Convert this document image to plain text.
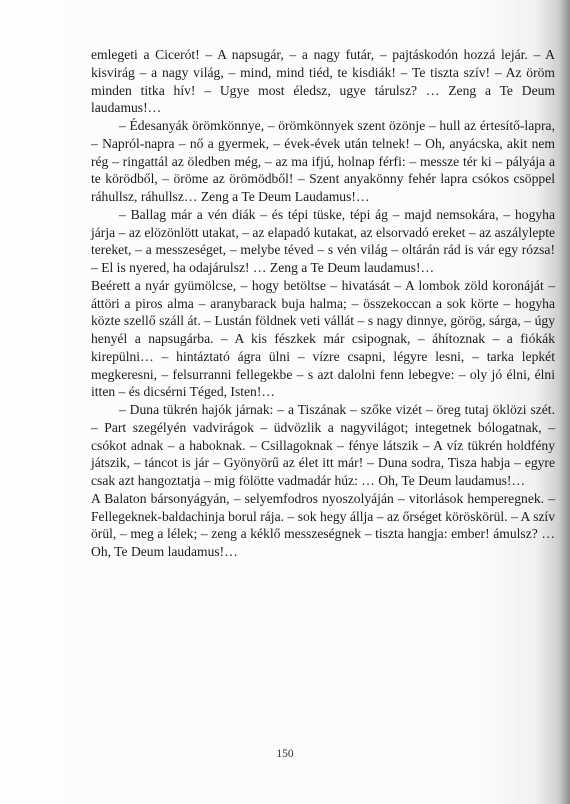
emlegeti a Cicerót! – A napsugár, – a nagy futár, – pajtáskodón hozzá lejár. – A kisvirág – a nagy világ, – mind, mind tiéd, te kisdiák! – Te tiszta szív! – Az öröm minden titka hív! – Ugye most éledsz, ugye tárulsz? … Zeng a Te Deum laudamus!…

– Édesanyák örömkönnye, – örömkönnyek szent özönje – hull az értesítő-lapra, – Napról-napra – nő a gyermek, – évek-évek után telnek! – Oh, anyácska, akit nem rég – ringattál az öledben még, – az ma ifjú, holnap férfi: – messze tér ki – pályája a te körödből, – öröme az örömödből! – Szent anyakönny fehér lapra csókos csöppel ráhullsz, ráhullsz… Zeng a Te Deum Laudamus!…

– Ballag már a vén diák – és tépi tüske, tépi ág – majd nemsokára, – hogyha járja – az elözönlött utakat, – az elapadó kutakat, az elsorvadó ereket – az aszálylepte tereket, – a messzeséget, – melybe téved – s vén világ – oltárán rád is vár egy rózsa! – El is nyered, ha odajárulsz! … Zeng a Te Deum laudamus!…

Beérett a nyár gyümölcse, – hogy betöltse – hivatását – A lombok zöld koronáját – áttöri a piros alma – aranybarack buja halma; – összekoccan a sok körte – hogyha közte szellő száll át. – Lustán földnek veti vállát – s nagy dinnye, görög, sárga, – úgy henyél a napsugárba. – A kis fészkek már csipognak, – áhítoznak – a fiókák kirepülni… – hintáztató ágra ülni – vízre csapni, légyre lesni, – tarka lepkét megkeresni, – felsurranni fellegekbe – s azt dalolni fenn lebegve: – oly jó élni, élni itten – és dicsérni Téged, Isten!…

– Duna tükrén hajók járnak: – a Tiszának – szőke vizét – öreg tutaj öklözi szét. – Part szegélyén vadvirágok – üdvözlik a nagyvilágot; integetnek bólogatnak, – csókot adnak – a haboknak. – Csillagoknak – fénye látszik – A víz tükrén holdfény játszik, – táncot is jár – Gyönyörű az élet itt már! – Duna sodra, Tisza habja – egyre csak azt hangoztatja – mig fölötte vadmadár húz: … Oh, Te Deum laudamus!…

A Balaton bársonyágyán, – selyemfodros nyoszolyáján – vitorlások hemperegnek. – Fellegeknek-baldachinja borul rája. – sok hegy állja – az őrséget köröskörül. – A szív örül, – meg a lélek; – zeng a kéklő messzeségnek – tiszta hangja: ember! ámulsz? … Oh, Te Deum laudamus!…

150
